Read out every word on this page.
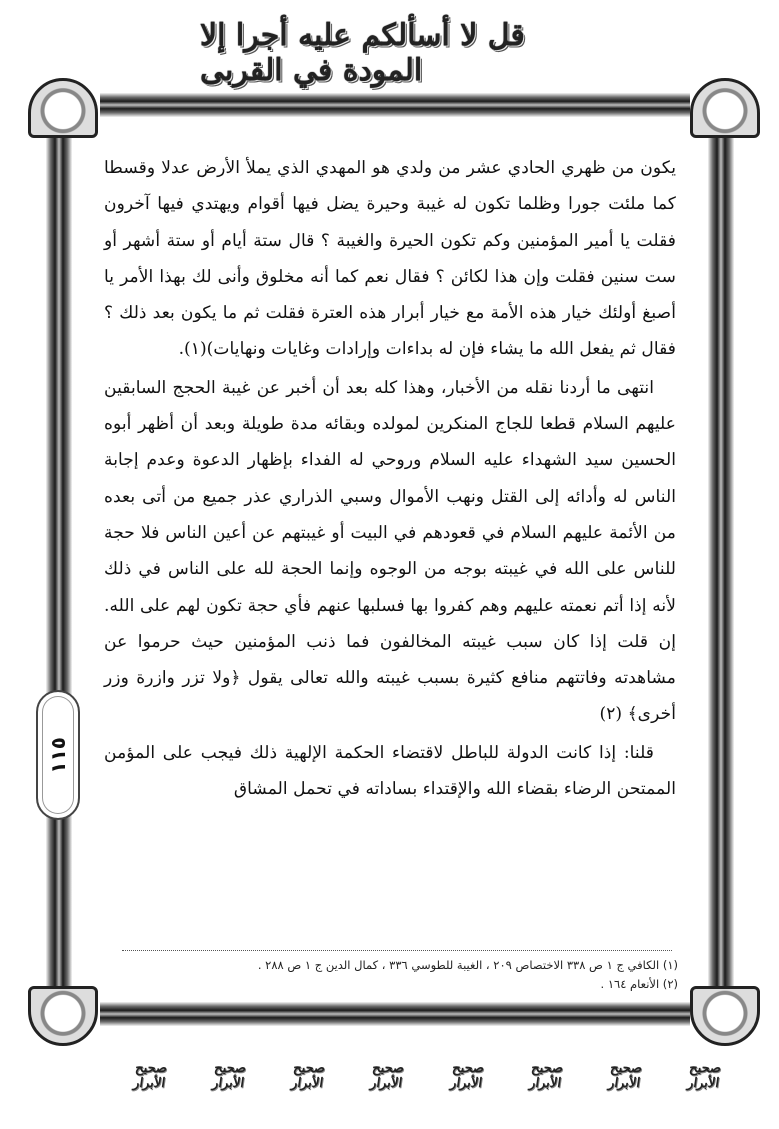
قل لا أسألكم عليه أجرا إلا المودة في القربى
١١٥

يكون من ظهري الحادي عشر من ولدي هو المهدي الذي يملأ الأرض عدلا وقسطا كما ملئت جورا وظلما تكون له غيبة وحيرة يضل فيها أقوام ويهتدي فيها آخرون فقلت يا أمير المؤمنين وكم تكون الحيرة والغيبة ؟ قال ستة أيام أو ستة أشهر أو ست سنين فقلت وإن هذا لكائن ؟ فقال نعم كما أنه مخلوق وأنى لك بهذا الأمر يا أصبغ أولئك خيار هذه الأمة مع خيار أبرار هذه العترة فقلت ثم ما يكون بعد ذلك ؟ فقال ثم يفعل الله ما يشاء فإن له بداءات وإرادات وغايات ونهايات)(١).

انتهى ما أردنا نقله من الأخبار، وهذا كله بعد أن أخبر عن غيبة الحجج السابقين عليهم السلام قطعا للجاج المنكرين لمولده وبقائه مدة طويلة وبعد أن أظهر أبوه الحسين سيد الشهداء عليه السلام وروحي له الفداء بإظهار الدعوة وعدم إجابة الناس له وأدائه إلى القتل ونهب الأموال وسبي الذراري عذر جميع من أتى بعده من الأئمة عليهم السلام في قعودهم في البيت أو غيبتهم عن أعين الناس فلا حجة للناس على الله في غيبته بوجه من الوجوه وإنما الحجة لله على الناس في ذلك لأنه إذا أتم نعمته عليهم وهم كفروا بها فسلبها عنهم فأي حجة تكون لهم على الله. إن قلت إذا كان سبب غيبته المخالفون فما ذنب المؤمنين حيث حرموا عن مشاهدته وفاتتهم منافع كثيرة بسبب غيبته والله تعالى يقول ﴿ولا تزر وازرة وزر أخرى﴾ (٢)

قلنا: إذا كانت الدولة للباطل لاقتضاء الحكمة الإلهية ذلك فيجب على المؤمن الممتحن الرضاء بقضاء الله والإقتداء بساداته في تحمل المشاق

(١) الكافي ج ١ ص ٣٣٨ الاختصاص ٢٠٩ ، الغيبة للطوسي ٣٣٦ ، كمال الدين ج ١ ص ٢٨٨ .
(٢) الأنعام ١٦٤ .
صحيح الأبرار
صحيح الأبرار
صحيح الأبرار
صحيح الأبرار
صحيح الأبرار
صحيح الأبرار
صحيح الأبرار
صحيح الأبرار
